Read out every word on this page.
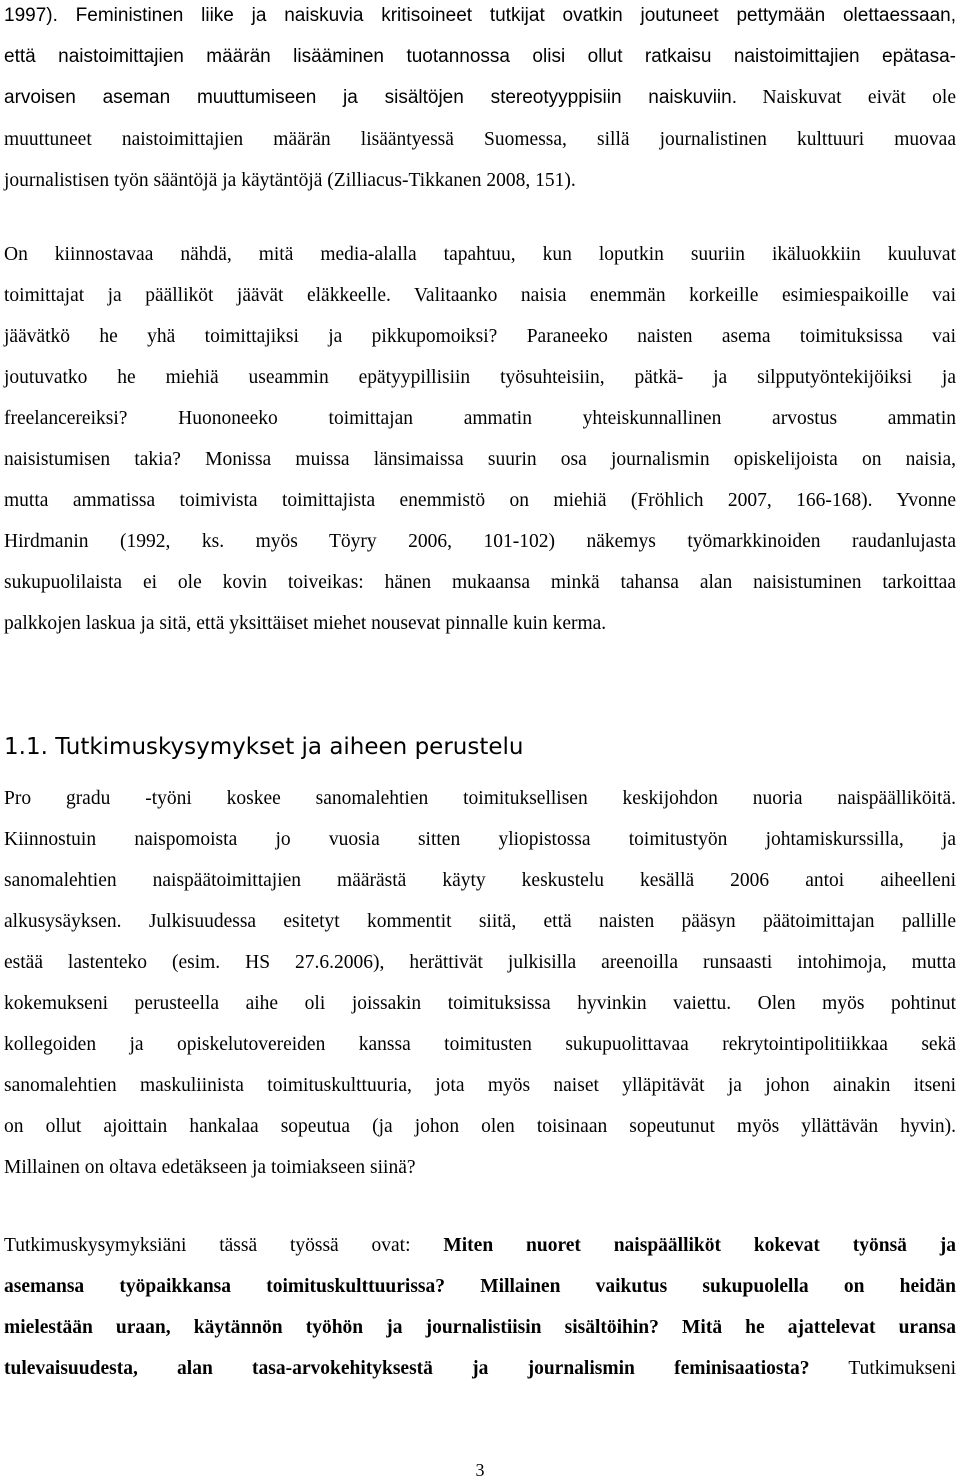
1997). Feministinen liike ja naiskuvia kritisoineet tutkijat ovatkin joutuneet pettymään olettaessaan,
että naistoimittajien määrän lisääminen tuotannossa olisi ollut ratkaisu naistoimittajien epätasa-
arvoisen aseman muuttumiseen ja sisältöjen stereotyyppisiin naiskuviin. Naiskuvat eivät ole
muuttuneet naistoimittajien määrän lisääntyessä Suomessa, sillä journalistinen kulttuuri muovaa
journalistisen työn sääntöjä ja käytäntöjä (Zilliacus-Tikkanen 2008, 151).

On kiinnostavaa nähdä, mitä media-alalla tapahtuu, kun loputkin suuriin ikäluokkiin kuuluvat
toimittajat ja päälliköt jäävät eläkkeelle. Valitaanko naisia enemmän korkeille esimiespaikoille vai
jäävätkö he yhä toimittajiksi ja pikkupomoiksi? Paraneeko naisten asema toimituksissa vai
joutuvatko he miehiä useammin epätyypillisiin työsuhteisiin, pätkä- ja silpputyöntekijöiksi ja
freelancereiksi?	Huononeeko toimittajan ammatin yhteiskunnallinen arvostus ammatin
naisistumisen takia? Monissa muissa länsimaissa suurin osa journalismin opiskelijoista on naisia,
mutta ammatissa toimivista toimittajista enemmistö on miehiä (Fröhlich 2007, 166-168). Yvonne
Hirdmanin (1992, ks. myös Töyry 2006, 101-102) näkemys työmarkkinoiden raudanlujasta
sukupuolilaista ei ole kovin toiveikas: hänen mukaansa minkä tahansa alan naisistuminen tarkoittaa
palkkojen laskua ja sitä, että yksittäiset miehet nousevat pinnalle kuin kerma.

1.1. Tutkimuskysymykset ja aiheen perustelu

Pro gradu -työni koskee sanomalehtien toimituksellisen keskijohdon nuoria naispäälliköitä.
Kiinnostuin naispomoista jo vuosia sitten yliopistossa toimitustyön johtamiskurssilla, ja
sanomalehtien naispäätoimittajien määrästä käyty keskustelu kesällä 2006 antoi aiheelleni
alkusysäyksen. Julkisuudessa esitetyt kommentit siitä, että naisten pääsyn päätoimittajan pallille
estää lastenteko (esim. HS 27.6.2006), herättivät julkisilla areenoilla runsaasti intohimoja, mutta
kokemukseni perusteella aihe oli joissakin toimituksissa hyvinkin vaiettu. Olen myös pohtinut
kollegoiden ja opiskelutovereiden kanssa toimitusten sukupuolittavaa rekrytointipolitiikkaa sekä
sanomalehtien maskuliinista toimituskulttuuria, jota myös naiset ylläpitävät ja johon ainakin itseni
on ollut ajoittain hankalaa sopeutua (ja johon olen toisinaan sopeutunut myös yllättävän hyvin).
Millainen on oltava edetäkseen ja toimiakseen siinä?

Tutkimuskysymyksiäni tässä työssä ovat: Miten nuoret naispäälliköt kokevat työnsä ja
asemansa työpaikkansa toimituskulttuurissa? Millainen vaikutus sukupuolella on heidän
mielestään uraan, käytännön työhön ja journalistiisin sisältöihin? Mitä he ajattelevat uransa
tulevaisuudesta, alan tasa-arvokehityksestä ja journalismin feminisaatiosta? Tutkimukseni

3
